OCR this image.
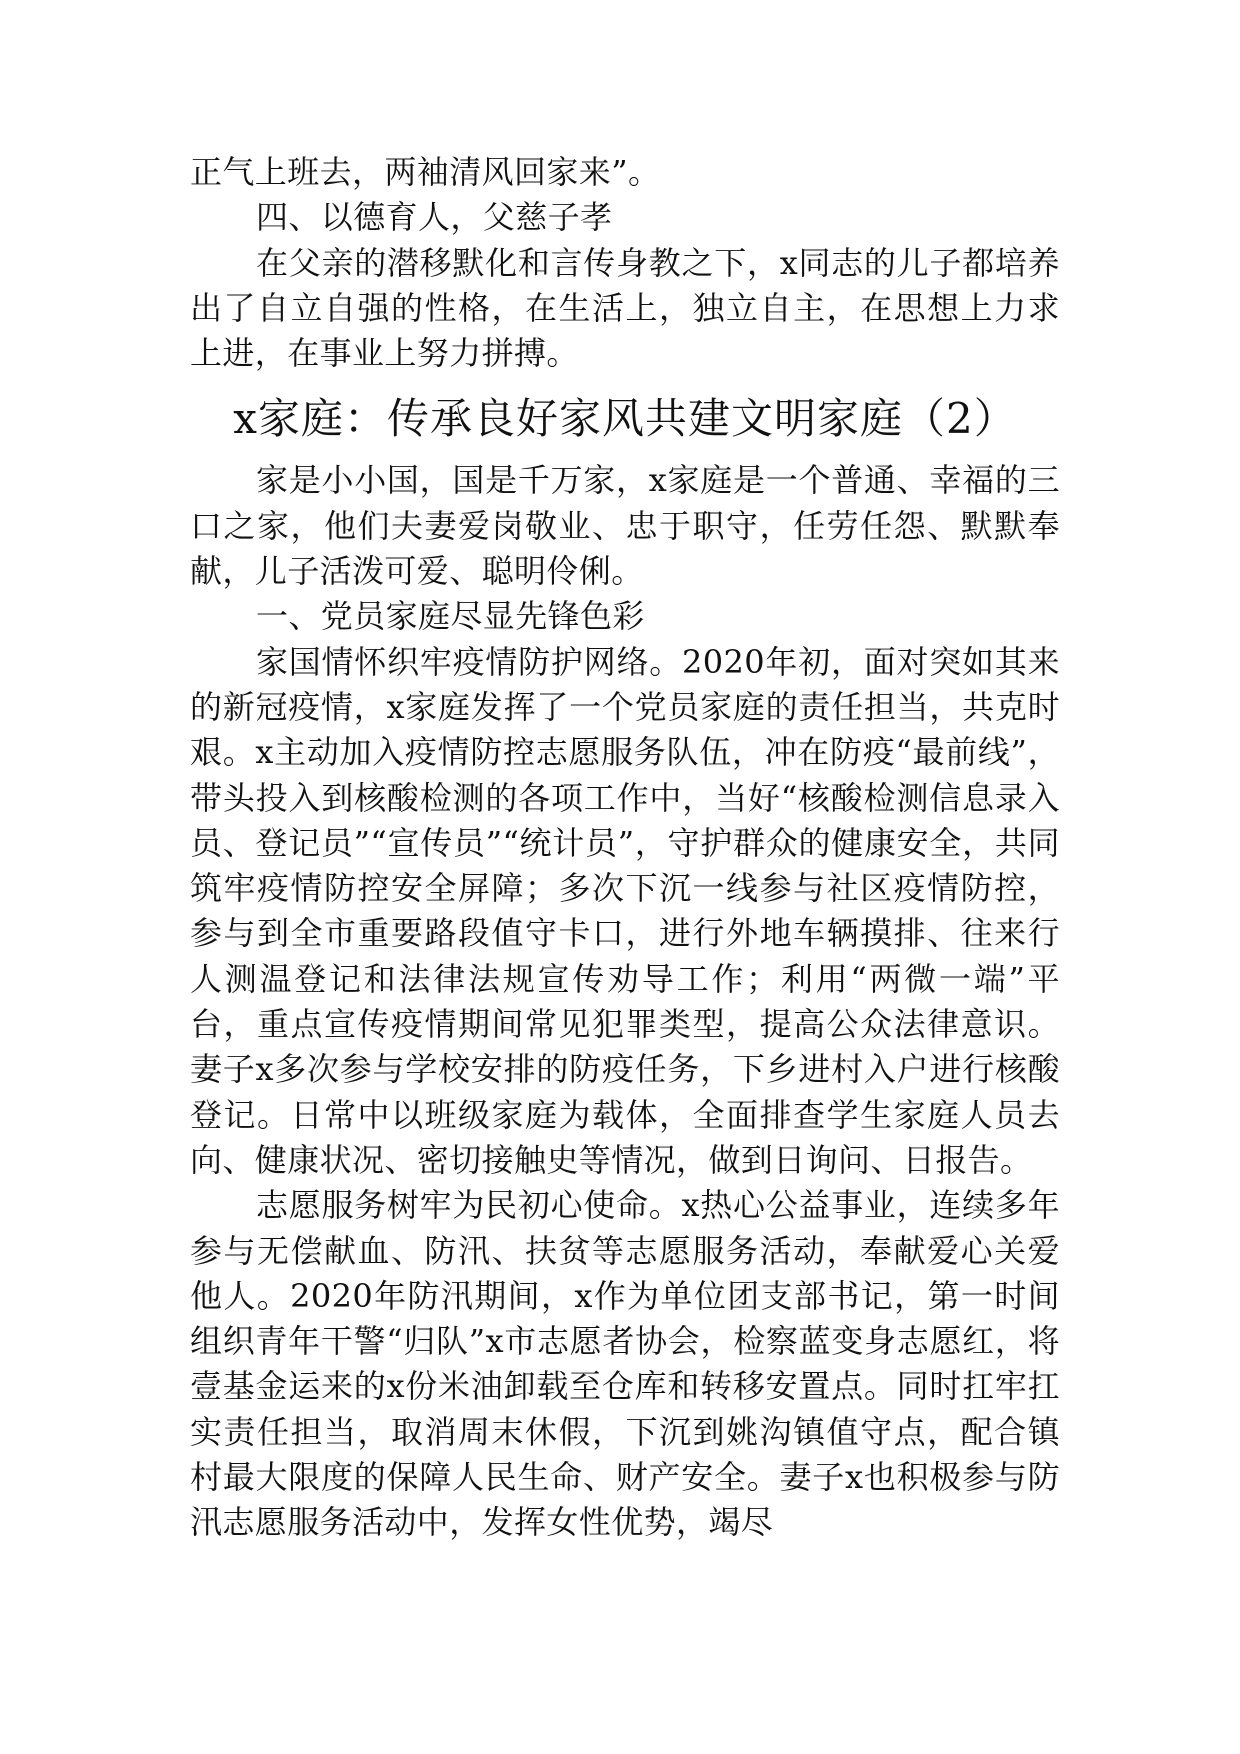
正气上班去，两袖清风回家来”。

四、以德育人，父慈子孝

在父亲的潜移默化和言传身教之下，x同志的儿子都培养出了自立自强的性格，在生活上，独立自主，在思想上力求上进，在事业上努力拼搏。

x家庭：传承良好家风共建文明家庭（2）

家是小小国，国是千万家，x家庭是一个普通、幸福的三口之家，他们夫妻爱岗敬业、忠于职守，任劳任怨、默默奉献，儿子活泼可爱、聪明伶俐。

一、党员家庭尽显先锋色彩

家国情怀织牢疫情防护网络。2020年初，面对突如其来的新冠疫情，x家庭发挥了一个党员家庭的责任担当，共克时艰。x主动加入疫情防控志愿服务队伍，冲在防疫“最前线”，带头投入到核酸检测的各项工作中，当好“核酸检测信息录入员、登记员”“宣传员”“统计员”，守护群众的健康安全，共同筑牢疫情防控安全屏障；多次下沉一线参与社区疫情防控，参与到全市重要路段值守卡口，进行外地车辆摸排、往来行人测温登记和法律法规宣传劝导工作；利用“两微一端”平台，重点宣传疫情期间常见犯罪类型，提高公众法律意识。妻子x多次参与学校安排的防疫任务，下乡进村入户进行核酸登记。日常中以班级家庭为载体，全面排查学生家庭人员去向、健康状况、密切接触史等情况，做到日询问、日报告。

志愿服务树牢为民初心使命。x热心公益事业，连续多年参与无偿献血、防汛、扶贫等志愿服务活动，奉献爱心关爱他人。2020年防汛期间，x作为单位团支部书记，第一时间组织青年干警“归队”x市志愿者协会，检察蓝变身志愿红，将壹基金运来的x份米油卸载至仓库和转移安置点。同时扛牢扛实责任担当，取消周末休假，下沉到姚沟镇值守点，配合镇村最大限度的保障人民生命、财产安全。妻子x也积极参与防汛志愿服务活动中，发挥女性优势，竭尽
